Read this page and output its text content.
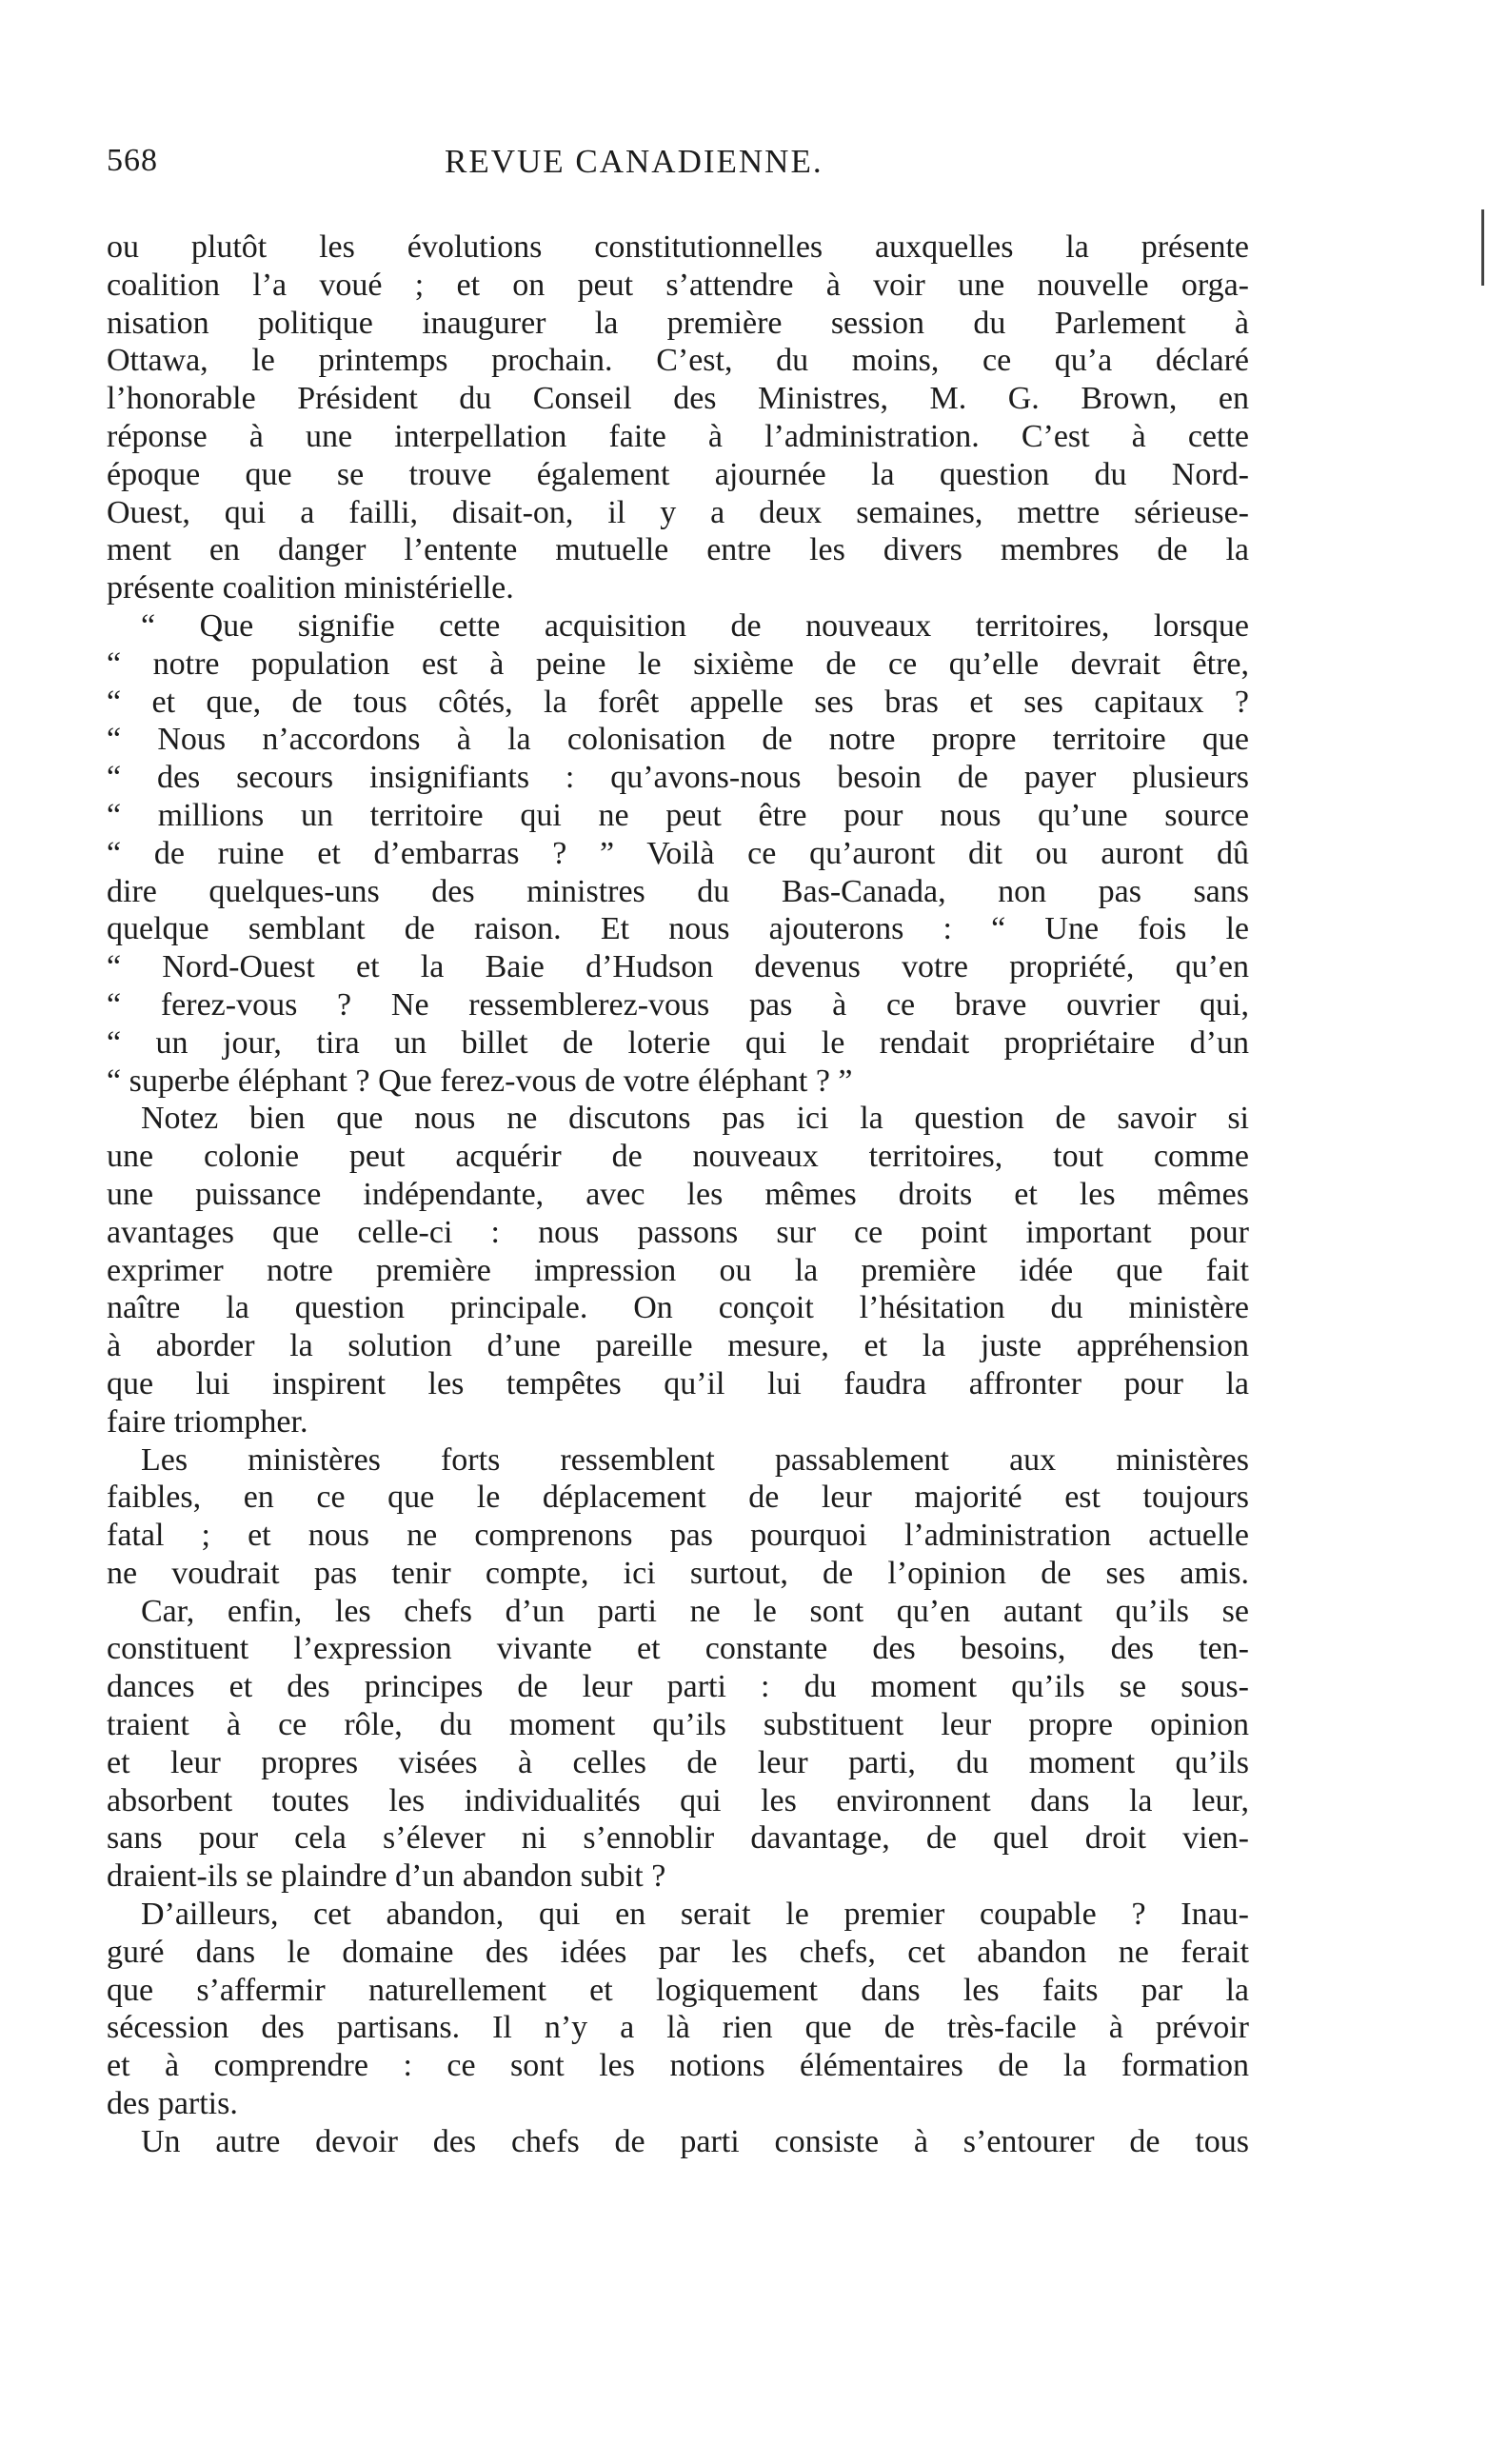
568	REVUE CANADIENNE.
ou plutôt les évolutions constitutionnelles auxquelles la présente
coalition l’a voué ; et on peut s’attendre à voir une nouvelle orga-
nisation politique inaugurer la première session du Parlement à
Ottawa, le printemps prochain. C’est, du moins, ce qu’a déclaré
l’honorable Président du Conseil des Ministres, M. G. Brown, en
réponse à une interpellation faite à l’administration. C’est à cette
époque que se trouve également ajournée la question du Nord-
Ouest, qui a failli, disait-on, il y a deux semaines, mettre sérieuse-
ment en danger l’entente mutuelle entre les divers membres de la
présente coalition ministérielle.
“ Que signifie cette acquisition de nouveaux territoires, lorsque
“ notre population est à peine le sixième de ce qu’elle devrait être,
“ et que, de tous côtés, la forêt appelle ses bras et ses capitaux ?
“ Nous n’accordons à la colonisation de notre propre territoire que
“ des secours insignifiants : qu’avons-nous besoin de payer plusieurs
“ millions un territoire qui ne peut être pour nous qu’une source
“ de ruine et d’embarras ? ” Voilà ce qu’auront dit ou auront dû
dire quelques-uns des ministres du Bas-Canada, non pas sans
quelque semblant de raison. Et nous ajouterons : “ Une fois le
“ Nord-Ouest et la Baie d’Hudson devenus votre propriété, qu’en
“ ferez-vous ? Ne ressemblerez-vous pas à ce brave ouvrier qui,
“ un jour, tira un billet de loterie qui le rendait propriétaire d’un
“ superbe éléphant ? Que ferez-vous de votre éléphant ? ”
Notez bien que nous ne discutons pas ici la question de savoir si
une colonie peut acquérir de nouveaux territoires, tout comme
une puissance indépendante, avec les mêmes droits et les mêmes
avantages que celle-ci : nous passons sur ce point important pour
exprimer notre première impression ou la première idée que fait
naître la question principale. On conçoit l’hésitation du ministère
à aborder la solution d’une pareille mesure, et la juste appréhension
que lui inspirent les tempêtes qu’il lui faudra affronter pour la
faire triompher.
Les ministères forts ressemblent passablement aux ministères
faibles, en ce que le déplacement de leur majorité est toujours
fatal ; et nous ne comprenons pas pourquoi l’administration actuelle
ne voudrait pas tenir compte, ici surtout, de l’opinion de ses amis.
Car, enfin, les chefs d’un parti ne le sont qu’en autant qu’ils se
constituent l’expression vivante et constante des besoins, des ten-
dances et des principes de leur parti : du moment qu’ils se sous-
traient à ce rôle, du moment qu’ils substituent leur propre opinion
et leur propres visées à celles de leur parti, du moment qu’ils
absorbent toutes les individualités qui les environnent dans la leur,
sans pour cela s’élever ni s’ennoblir davantage, de quel droit vien-
draient-ils se plaindre d’un abandon subit ?
D’ailleurs, cet abandon, qui en serait le premier coupable ? Inau-
guré dans le domaine des idées par les chefs, cet abandon ne ferait
que s’affermir naturellement et logiquement dans les faits par la
sécession des partisans. Il n’y a là rien que de très-facile à prévoir
et à comprendre : ce sont les notions élémentaires de la formation
des partis.
Un autre devoir des chefs de parti consiste à s’entourer de tous
